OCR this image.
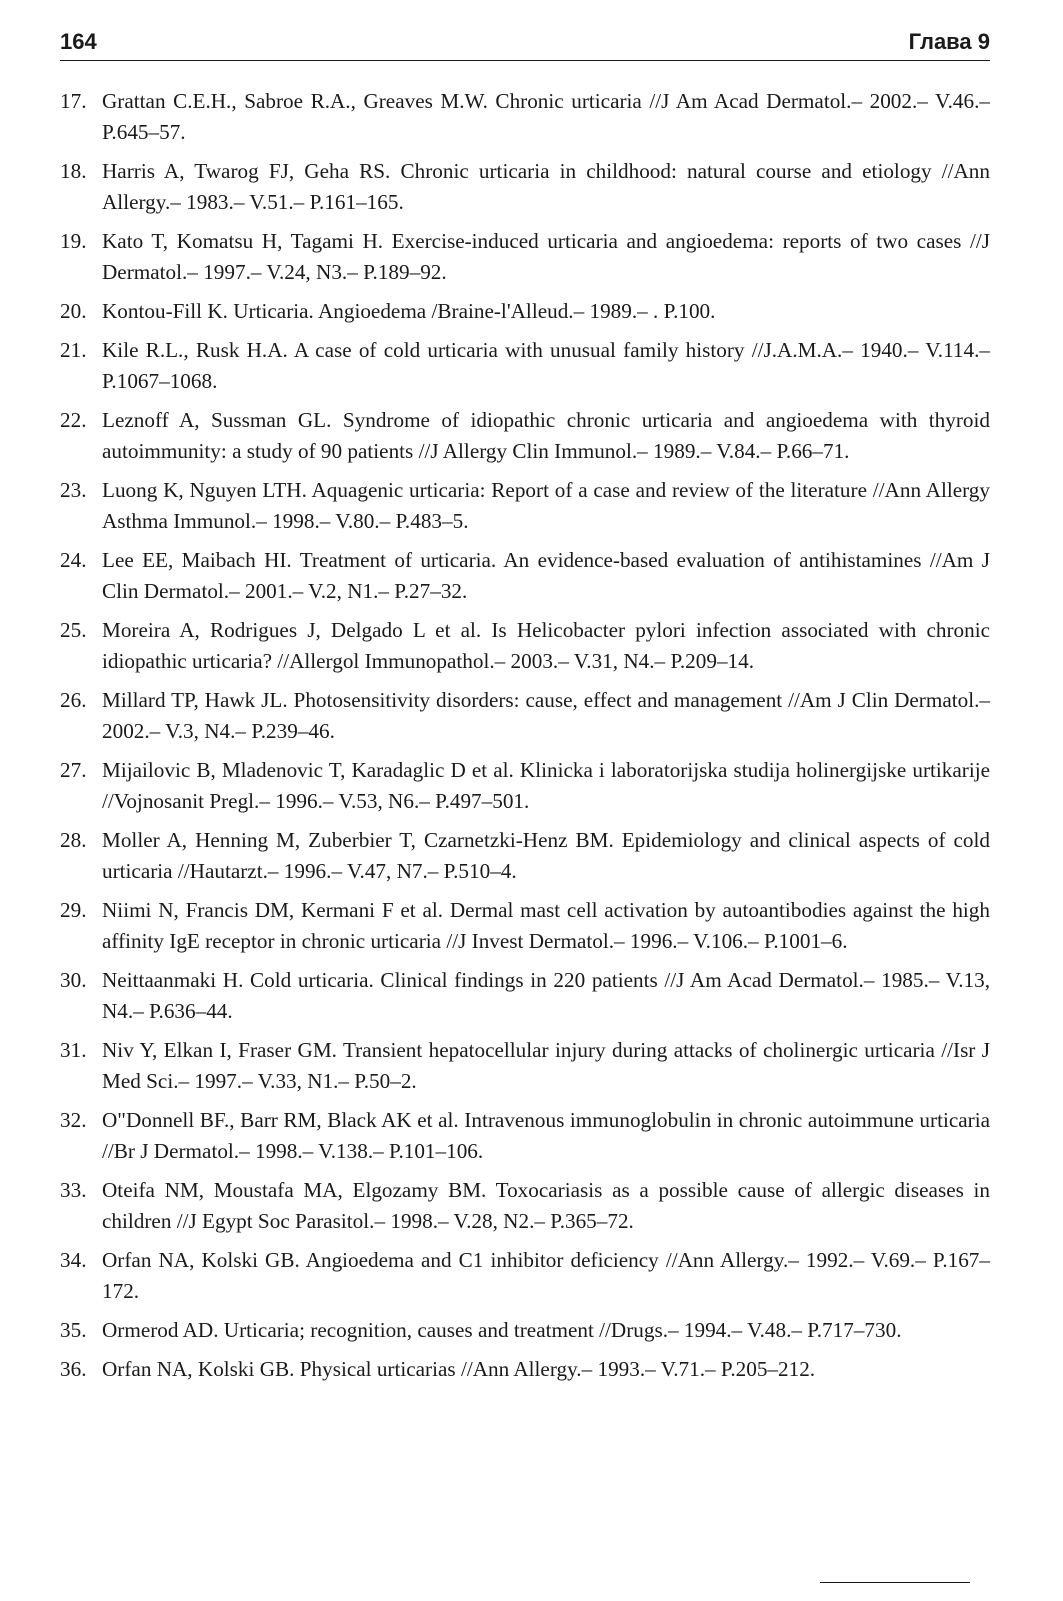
164	Глава 9
17. Grattan C.E.H., Sabroe R.A., Greaves M.W. Chronic urticaria //J Am Acad Dermatol.– 2002.– V.46.– P.645–57.
18. Harris A, Twarog FJ, Geha RS. Chronic urticaria in childhood: natural course and etiology //Ann Allergy.– 1983.– V.51.– P.161–165.
19. Kato T, Komatsu H, Tagami H. Exercise-induced urticaria and angioedema: reports of two cases //J Dermatol.– 1997.– V.24, N3.– P.189–92.
20. Kontou-Fill K. Urticaria. Angioedema /Braine-l'Alleud.– 1989.– . P.100.
21. Kile R.L., Rusk H.A. A case of cold urticaria with unusual family history //J.A.M.A.– 1940.– V.114.– P.1067–1068.
22. Leznoff A, Sussman GL. Syndrome of idiopathic chronic urticaria and angioedema with thyroid autoimmunity: a study of 90 patients //J Allergy Clin Immunol.– 1989.– V.84.– P.66–71.
23. Luong K, Nguyen LTH. Aquagenic urticaria: Report of a case and review of the literature //Ann Allergy Asthma Immunol.– 1998.– V.80.– P.483–5.
24. Lee EE, Maibach HI. Treatment of urticaria. An evidence-based evaluation of antihistamines //Am J Clin Dermatol.– 2001.– V.2, N1.– P.27–32.
25. Moreira A, Rodrigues J, Delgado L et al. Is Helicobacter pylori infection associated with chronic idiopathic urticaria? //Allergol Immunopathol.– 2003.– V.31, N4.– P.209–14.
26. Millard TP, Hawk JL. Photosensitivity disorders: cause, effect and management //Am J Clin Dermatol.– 2002.– V.3, N4.– P.239–46.
27. Mijailovic B, Mladenovic T, Karadaglic D et al. Klinicka i laboratorijska studija holinergijske urtikarije //Vojnosanit Pregl.– 1996.– V.53, N6.– P.497–501.
28. Moller A, Henning M, Zuberbier T, Czarnetzki-Henz BM. Epidemiology and clinical aspects of cold urticaria //Hautarzt.– 1996.– V.47, N7.– P.510–4.
29. Niimi N, Francis DM, Kermani F et al. Dermal mast cell activation by autoantibodies against the high affinity IgE receptor in chronic urticaria //J Invest Dermatol.– 1996.– V.106.– P.1001–6.
30. Neittaanmaki H. Cold urticaria. Clinical findings in 220 patients //J Am Acad Dermatol.– 1985.– V.13, N4.– P.636–44.
31. Niv Y, Elkan I, Fraser GM. Transient hepatocellular injury during attacks of cholinergic urticaria //Isr J Med Sci.– 1997.– V.33, N1.– P.50–2.
32. O"Donnell BF., Barr RM, Black AK et al. Intravenous immunoglobulin in chronic autoimmune urticaria //Br J Dermatol.– 1998.– V.138.– P.101–106.
33. Oteifa NM, Moustafa MA, Elgozamy BM. Toxocariasis as a possible cause of allergic diseases in children //J Egypt Soc Parasitol.– 1998.– V.28, N2.– P.365–72.
34. Orfan NA, Kolski GB. Angioedema and C1 inhibitor deficiency //Ann Allergy.– 1992.– V.69.– P.167–172.
35. Ormerod AD. Urticaria; recognition, causes and treatment //Drugs.– 1994.– V.48.– P.717–730.
36. Orfan NA, Kolski GB. Physical urticarias //Ann Allergy.– 1993.– V.71.– P.205–212.
